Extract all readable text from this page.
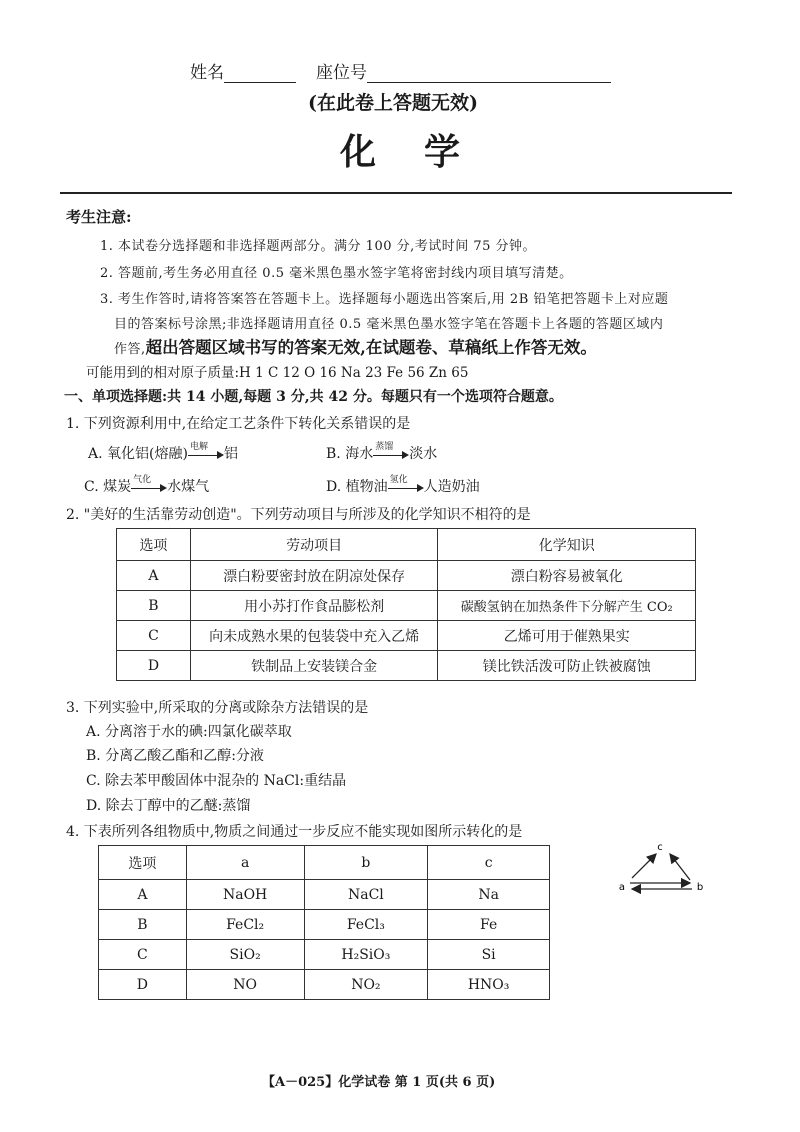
姓名	座位号
(在此卷上答题无效)
化学
考生注意:
1. 本试卷分选择题和非选择题两部分。满分 100 分,考试时间 75 分钟。
2. 答题前,考生务必用直径 0.5 毫米黑色墨水签字笔将密封线内项目填写清楚。
3. 考生作答时,请将答案答在答题卡上。选择题每小题选出答案后,用 2B 铅笔把答题卡上对应题
目的答案标号涂黑;非选择题请用直径 0.5 毫米黑色墨水签字笔在答题卡上各题的答题区域内
作答,超出答题区域书写的答案无效,在试题卷、草稿纸上作答无效。
可能用到的相对原子质量:H 1 C 12 O 16 Na 23 Fe 56 Zn 65
一、单项选择题:共 14 小题,每题 3 分,共 42 分。每题只有一个选项符合题意。
1. 下列资源利用中,在给定工艺条件下转化关系错误的是
A. 氧化铝(熔融) 电解 铝	B. 海水 蒸馏 淡水
C. 煤炭 气化 水煤气	D. 植物油 氢化 人造奶油
2. "美好的生活靠劳动创造"。下列劳动项目与所涉及的化学知识不相符的是
选项	劳动项目	化学知识
A	漂白粉要密封放在阴凉处保存	漂白粉容易被氧化
B	用小苏打作食品膨松剂	碳酸氢钠在加热条件下分解产生 CO₂
C	向未成熟水果的包装袋中充入乙烯	乙烯可用于催熟果实
D	铁制品上安装镁合金	镁比铁活泼可防止铁被腐蚀
3. 下列实验中,所采取的分离或除杂方法错误的是
A. 分离溶于水的碘:四氯化碳萃取
B. 分离乙酸乙酯和乙醇:分液
C. 除去苯甲酸固体中混杂的 NaCl:重结晶
D. 除去丁醇中的乙醚:蒸馏
4. 下表所列各组物质中,物质之间通过一步反应不能实现如图所示转化的是
选项	a	b	c
A	NaOH	NaCl	Na
B	FeCl₂	FeCl₃	Fe
C	SiO₂	H₂SiO₃	Si
D	NO	NO₂	HNO₃
c
a	b
【A－025】化学试卷 第 1 页(共 6 页)
